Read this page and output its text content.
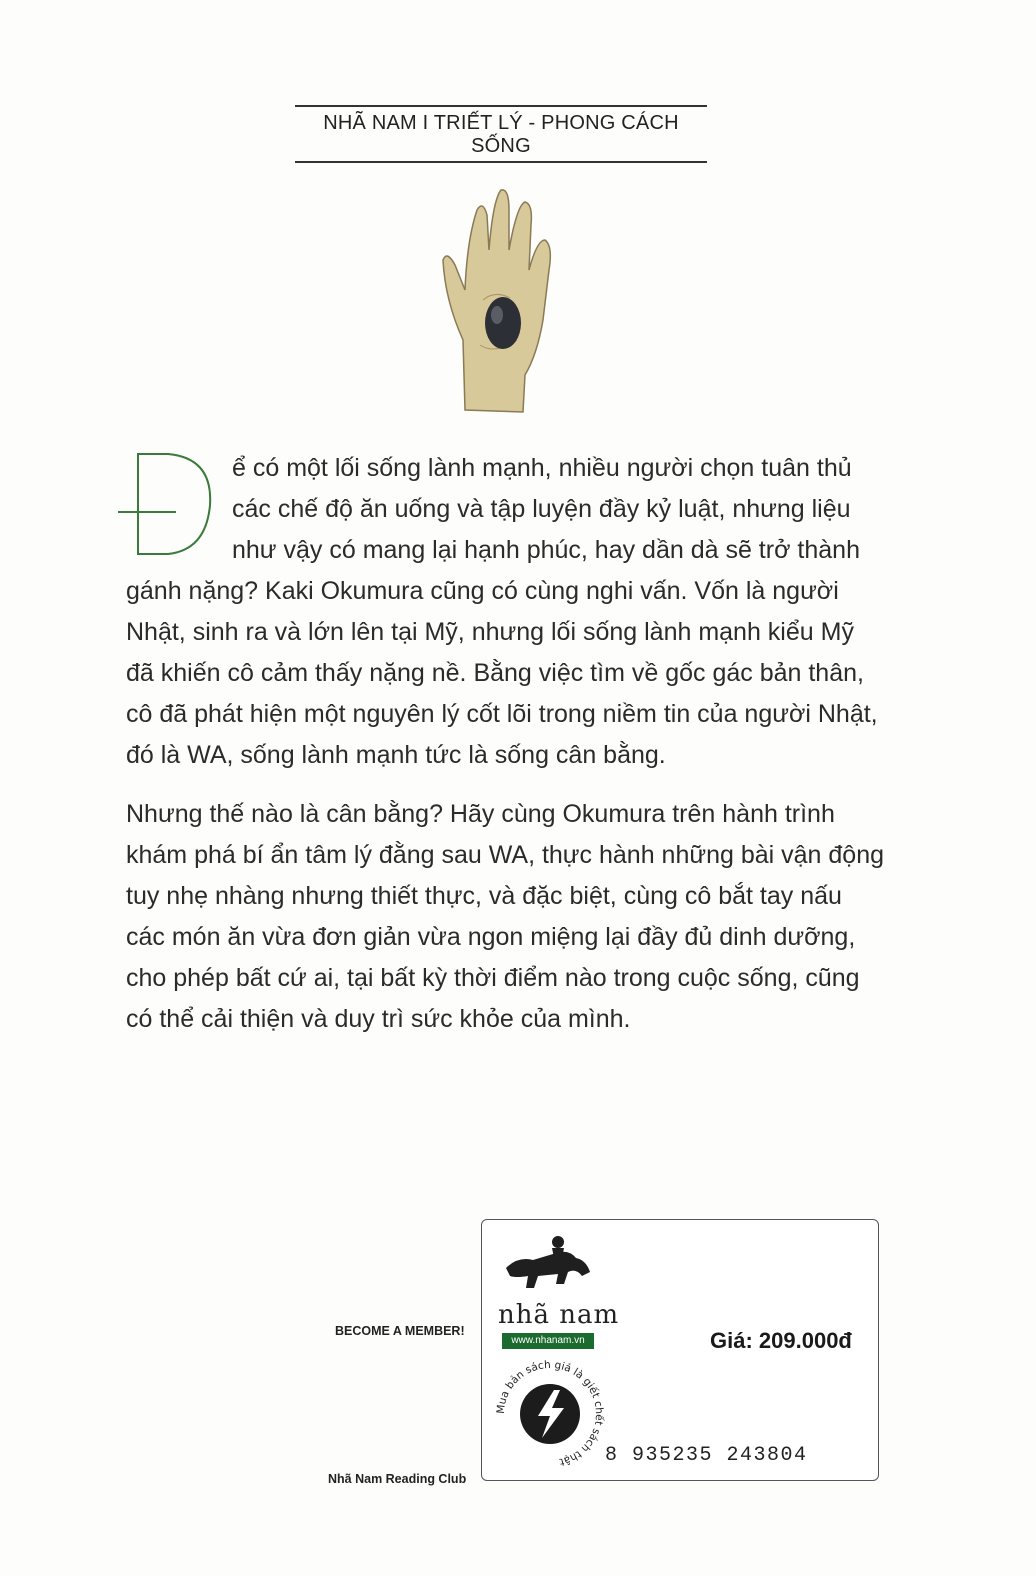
NHÃ NAM I TRIẾT LÝ - PHONG CÁCH SỐNG
ể có một lối sống lành mạnh, nhiều người chọn tuân thủ các chế độ ăn uống và tập luyện đầy kỷ luật, nhưng liệu như vậy có mang lại hạnh phúc, hay dần dà sẽ trở thành
gánh nặng? Kaki Okumura cũng có cùng nghi vấn. Vốn là người Nhật, sinh ra và lớn lên tại Mỹ, nhưng lối sống lành mạnh kiểu Mỹ đã khiến cô cảm thấy nặng nề. Bằng việc tìm về gốc gác bản thân, cô đã phát hiện một nguyên lý cốt lõi trong niềm tin của người Nhật, đó là WA, sống lành mạnh tức là sống cân bằng.
Nhưng thế nào là cân bằng? Hãy cùng Okumura trên hành trình khám phá bí ẩn tâm lý đằng sau WA, thực hành những bài vận động tuy nhẹ nhàng nhưng thiết thực, và đặc biệt, cùng cô bắt tay nấu các món ăn vừa đơn giản vừa ngon miệng lại đầy đủ dinh dưỡng, cho phép bất cứ ai, tại bất kỳ thời điểm nào trong cuộc sống, cũng có thể cải thiện và duy trì sức khỏe của mình.
BECOME A MEMBER!
Nhã Nam Reading Club
nhã nam
www.nhanam.vn	Giá: 209.000đ
Mua bản sách giả là giết chết sách thật	8 935235 243804
